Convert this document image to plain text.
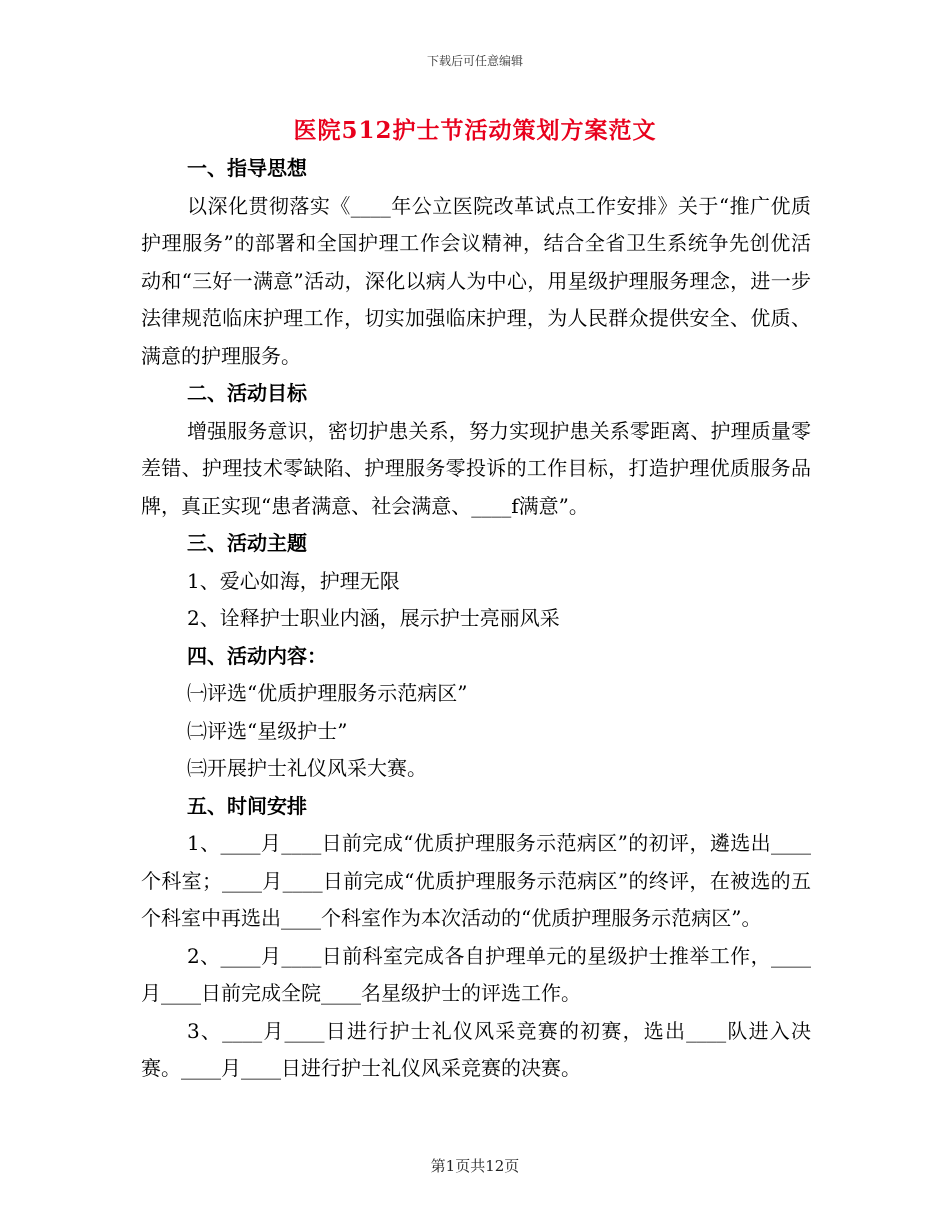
下载后可任意编辑
医院512护士节活动策划方案范文
一、指导思想
以深化贯彻落实《____年公立医院改革试点工作安排》关于“推广优质护理服务”的部署和全国护理工作会议精神，结合全省卫生系统争先创优活动和“三好一满意”活动，深化以病人为中心，用星级护理服务理念，进一步法律规范临床护理工作，切实加强临床护理，为人民群众提供安全、优质、满意的护理服务。
二、活动目标
增强服务意识，密切护患关系，努力实现护患关系零距离、护理质量零差错、护理技术零缺陷、护理服务零投诉的工作目标，打造护理优质服务品牌，真正实现“患者满意、社会满意、____f满意”。
三、活动主题
1、爱心如海，护理无限
2、诠释护士职业内涵，展示护士亮丽风采
四、活动内容：
㈠评选“优质护理服务示范病区”
㈡评选“星级护士”
㈢开展护士礼仪风采大赛。
五、时间安排
1、____月____日前完成“优质护理服务示范病区”的初评，遴选出____个科室；____月____日前完成“优质护理服务示范病区”的终评，在被选的五个科室中再选出____个科室作为本次活动的“优质护理服务示范病区”。
2、____月____日前科室完成各自护理单元的星级护士推举工作，____月____日前完成全院____名星级护士的评选工作。
3、____月____日进行护士礼仪风采竞赛的初赛，选出____队进入决赛。____月____日进行护士礼仪风采竞赛的决赛。
第1页共12页
